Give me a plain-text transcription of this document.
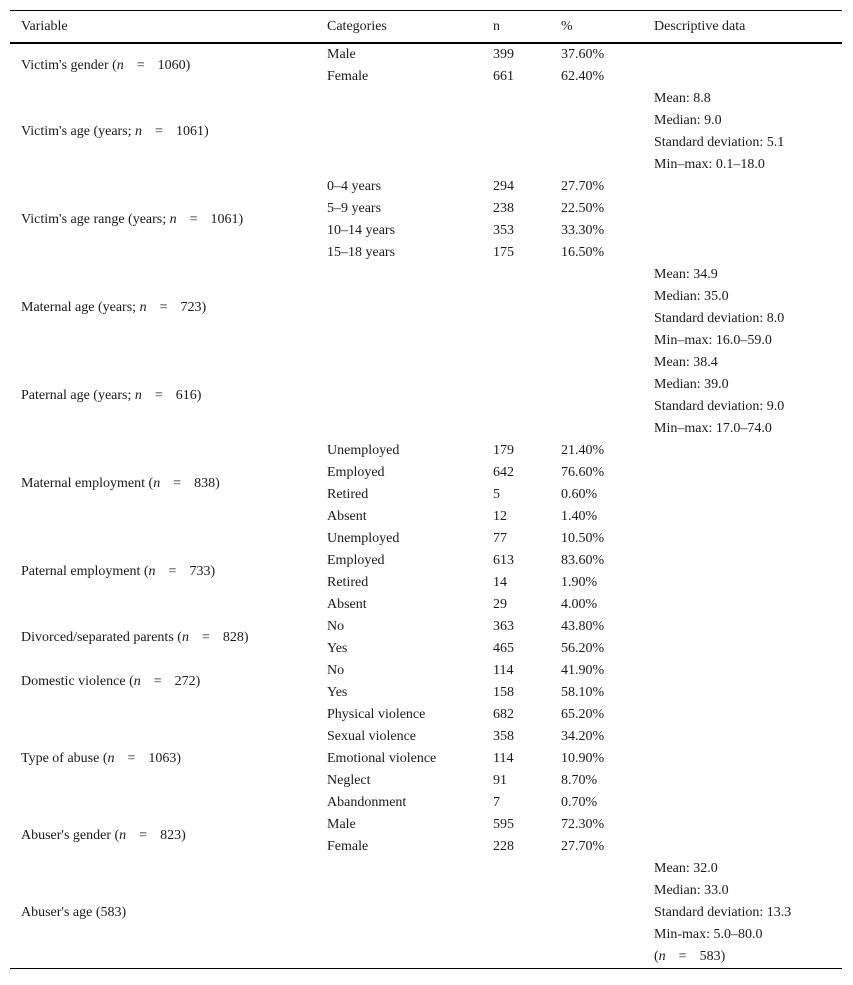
Variable	Categories	n	%	Descriptive data
Victim's gender (n = 1060)	Male	399	37.60%	
	Female	661	62.40%	
Victim's age (years; n = 1061)				Mean: 8.8
				Median: 9.0
				Standard deviation: 5.1
				Min–max: 0.1–18.0
Victim's age range (years; n = 1061)	0–4 years	294	27.70%	
	5–9 years	238	22.50%	
	10–14 years	353	33.30%	
	15–18 years	175	16.50%	
Maternal age (years; n = 723)				Mean: 34.9
				Median: 35.0
				Standard deviation: 8.0
				Min–max: 16.0–59.0
Paternal age (years; n = 616)				Mean: 38.4
				Median: 39.0
				Standard deviation: 9.0
				Min–max: 17.0–74.0
Maternal employment (n = 838)	Unemployed	179	21.40%	
	Employed	642	76.60%	
	Retired	5	0.60%	
	Absent	12	1.40%	
Paternal employment (n = 733)	Unemployed	77	10.50%	
	Employed	613	83.60%	
	Retired	14	1.90%	
	Absent	29	4.00%	
Divorced/separated parents (n = 828)	No	363	43.80%	
	Yes	465	56.20%	
Domestic violence (n = 272)	No	114	41.90%	
	Yes	158	58.10%	
Type of abuse (n = 1063)	Physical violence	682	65.20%	
	Sexual violence	358	34.20%	
	Emotional violence	114	10.90%	
	Neglect	91	8.70%	
	Abandonment	7	0.70%	
Abuser's gender (n = 823)	Male	595	72.30%	
	Female	228	27.70%	
Abuser's age (583)				Mean: 32.0
				Median: 33.0
				Standard deviation: 13.3
				Min-max: 5.0–80.0
				(n = 583)
